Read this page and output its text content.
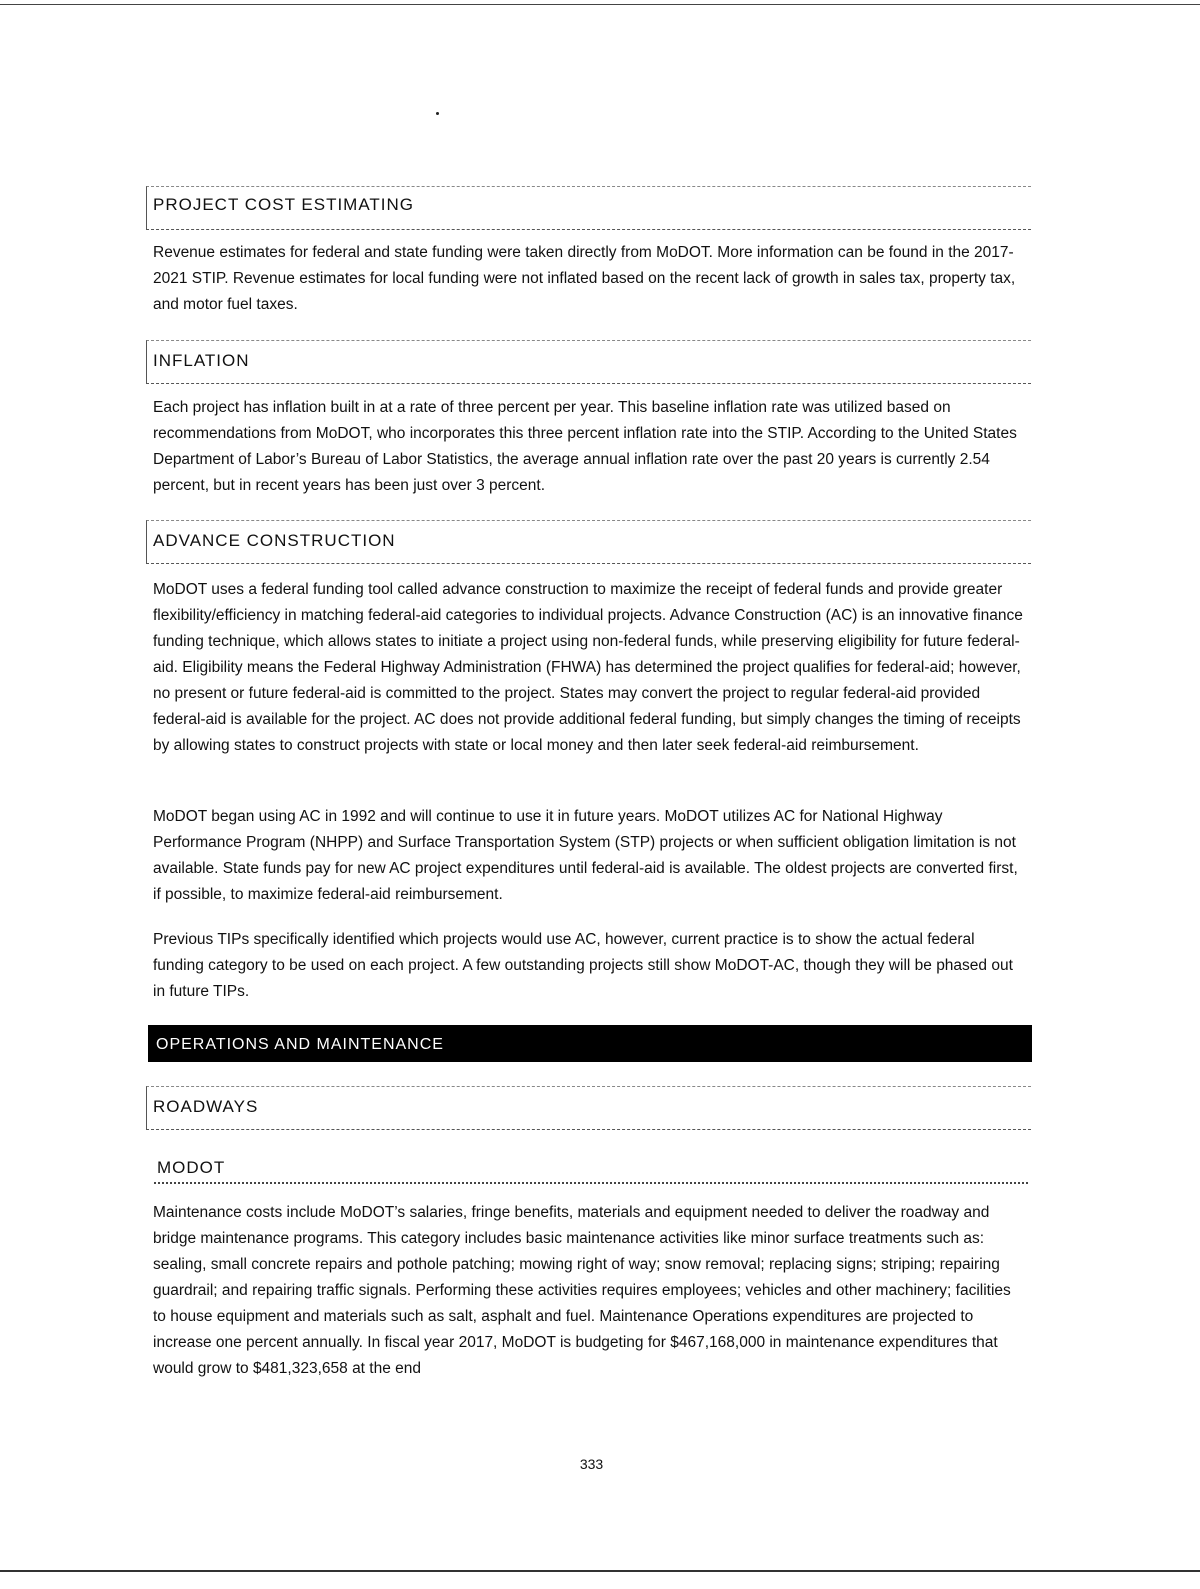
PROJECT COST ESTIMATING

Revenue estimates for federal and state funding were taken directly from MoDOT. More information can be found in the 2017-2021 STIP. Revenue estimates for local funding were not inflated based on the recent lack of growth in sales tax, property tax, and motor fuel taxes.

INFLATION

Each project has inflation built in at a rate of three percent per year. This baseline inflation rate was utilized based on recommendations from MoDOT, who incorporates this three percent inflation rate into the STIP. According to the United States Department of Labor’s Bureau of Labor Statistics, the average annual inflation rate over the past 20 years is currently 2.54 percent, but in recent years has been just over 3 percent.

ADVANCE CONSTRUCTION

MoDOT uses a federal funding tool called advance construction to maximize the receipt of federal funds and provide greater flexibility/efficiency in matching federal-aid categories to individual projects. Advance Construction (AC) is an innovative finance funding technique, which allows states to initiate a project using non-federal funds, while preserving eligibility for future federal-aid. Eligibility means the Federal Highway Administration (FHWA) has determined the project qualifies for federal-aid; however, no present or future federal-aid is committed to the project. States may convert the project to regular federal-aid provided federal-aid is available for the project. AC does not provide additional federal funding, but simply changes the timing of receipts by allowing states to construct projects with state or local money and then later seek federal-aid reimbursement.

MoDOT began using AC in 1992 and will continue to use it in future years. MoDOT utilizes AC for National Highway Performance Program (NHPP) and Surface Transportation System (STP) projects or when sufficient obligation limitation is not available. State funds pay for new AC project expenditures until federal-aid is available. The oldest projects are converted first, if possible, to maximize federal-aid reimbursement.

Previous TIPs specifically identified which projects would use AC, however, current practice is to show the actual federal funding category to be used on each project. A few outstanding projects still show MoDOT-AC, though they will be phased out in future TIPs.

OPERATIONS AND MAINTENANCE
ROADWAYS
MODOT

Maintenance costs include MoDOT’s salaries, fringe benefits, materials and equipment needed to deliver the roadway and bridge maintenance programs. This category includes basic maintenance activities like minor surface treatments such as: sealing, small concrete repairs and pothole patching; mowing right of way; snow removal; replacing signs; striping; repairing guardrail; and repairing traffic signals. Performing these activities requires employees; vehicles and other machinery; facilities to house equipment and materials such as salt, asphalt and fuel. Maintenance Operations expenditures are projected to increase one percent annually. In fiscal year 2017, MoDOT is budgeting for $467,168,000 in maintenance expenditures that would grow to $481,323,658 at the end

333
